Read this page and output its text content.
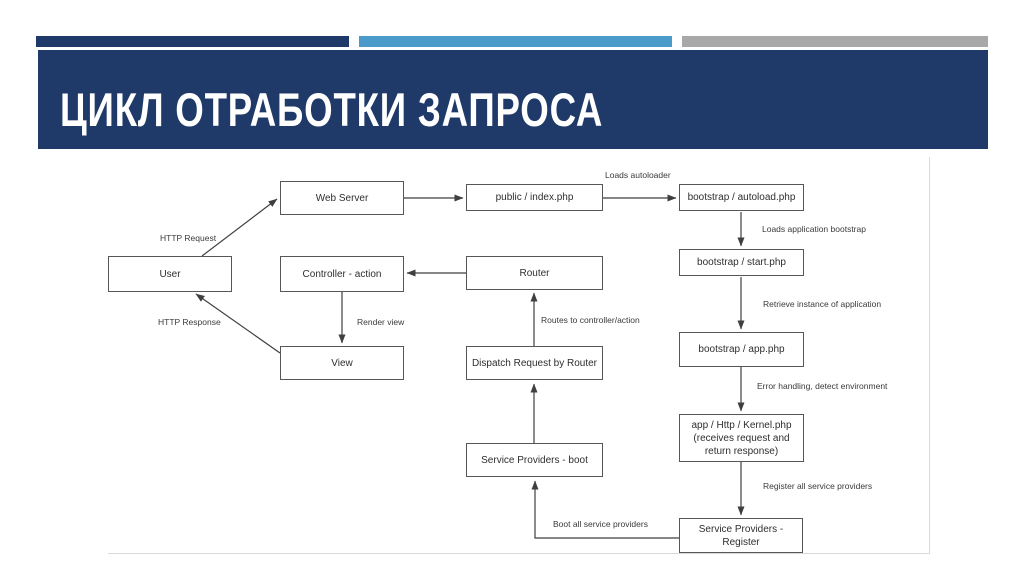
ЦИКЛ ОТРАБОТКИ ЗАПРОСА
Web Server	public / index.php	bootstrap / autoload.php
User	Controller - action	Router
bootstrap / start.php
View	Dispatch Request by Router
bootstrap / app.php
app / Http / Kernel.php
(receives request and return response)
Service Providers - boot
Service Providers - Register
HTTP Request
Loads autoloader
Loads application bootstrap
Retrieve instance of application
Error handling, detect environment
Register all service providers
Boot all service providers
Routes to controller/action
Render view
HTTP Response
